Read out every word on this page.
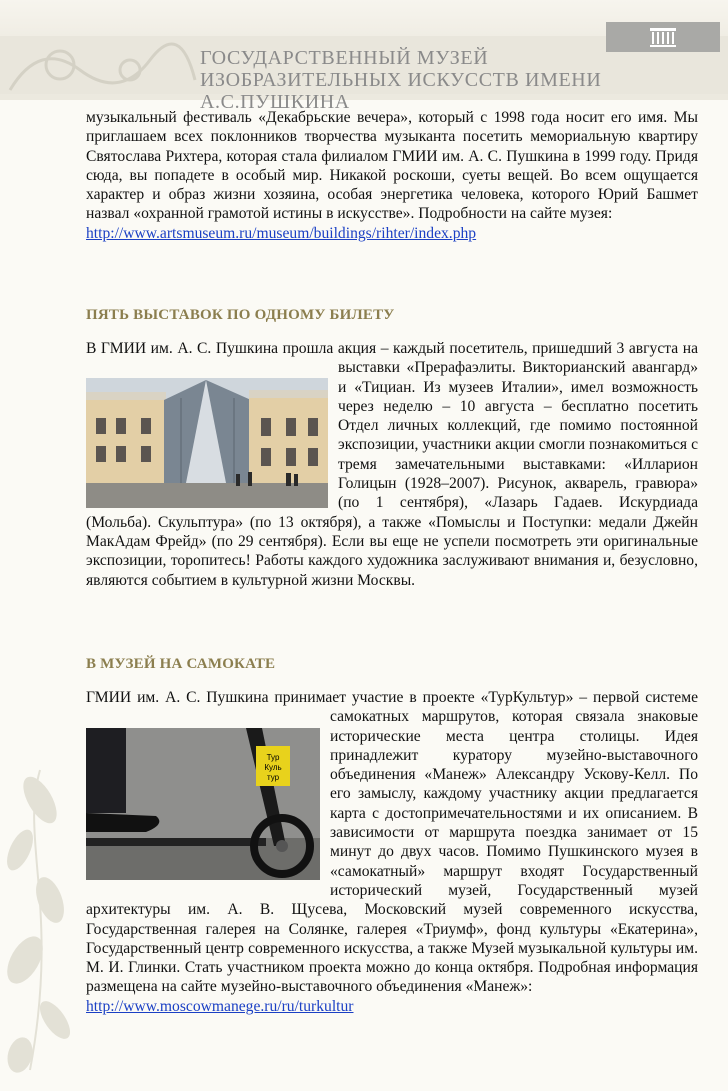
ГОСУДАРСТВЕННЫЙ МУЗЕЙ
ИЗОБРАЗИТЕЛЬНЫХ ИСКУССТВ ИМЕНИ А.С.ПУШКИНА

музыкальный фестиваль «Декабрьские вечера», который с 1998 года носит его имя. Мы приглашаем всех поклонников творчества музыканта посетить мемориальную квартиру Святослава Рихтера, которая стала филиалом ГМИИ им. А. С. Пушкина в 1999 году. Придя сюда, вы попадете в особый мир. Никакой роскоши, суеты вещей. Во всем ощущается характер и образ жизни хозяина, особая энергетика человека, которого Юрий Башмет назвал «охранной грамотой истины в искусстве». Подробности на сайте музея:

http://www.artsmuseum.ru/museum/buildings/rihter/index.php
ПЯТЬ ВЫСТАВОК ПО ОДНОМУ БИЛЕТУ

В ГМИИ им. А. С. Пушкина прошла акция – каждый посетитель, пришедший 3 августа на выставки «Прерафаэлиты. Викторианский авангард» и «Тициан. Из музеев Италии», имел возможность через неделю – 10 августа – бесплатно посетить Отдел личных коллекций, где помимо постоянной экспозиции, участники акции смогли познакомиться с тремя замечательными выставками: «Илларион Голицын (1928–2007). Рисунок, акварель, гравюра» (по 1 сентября), «Лазарь Гадаев. Искурдиада (Мольба). Скульптура» (по 13 октября), а также «Помыслы и Поступки: медали Джейн МакАдам Фрейд» (по 29 сентября). Если вы еще не успели посмотреть эти оригинальные экспозиции, торопитесь! Работы каждого художника заслуживают внимания и, безусловно, являются событием в культурной жизни Москвы.

В МУЗЕЙ НА САМОКАТЕ
Тур
Куль
тур

ГМИИ им. А. С. Пушкина принимает участие в проекте «ТурКультур» – первой системе самокатных маршрутов, которая связала знаковые исторические места центра столицы. Идея принадлежит куратору музейно-выставочного объединения «Манеж» Александру Ускову-Келл. По его замыслу, каждому участнику акции предлагается карта с достопримечательностями и их описанием. В зависимости от маршрута поездка занимает от 15 минут до двух часов. Помимо Пушкинского музея в «самокатный» маршрут входят Государственный исторический музей, Государственный музей архитектуры им. А. В. Щусева, Московский музей современного искусства, Государственная галерея на Солянке, галерея «Триумф», фонд культуры «Екатерина», Государственный центр современного искусства, а также Музей музыкальной культуры им. М. И. Глинки. Стать участником проекта можно до конца октября. Подробная информация размещена на сайте музейно-выставочного объединения «Манеж»:

http://www.moscowmanege.ru/ru/turkultur
